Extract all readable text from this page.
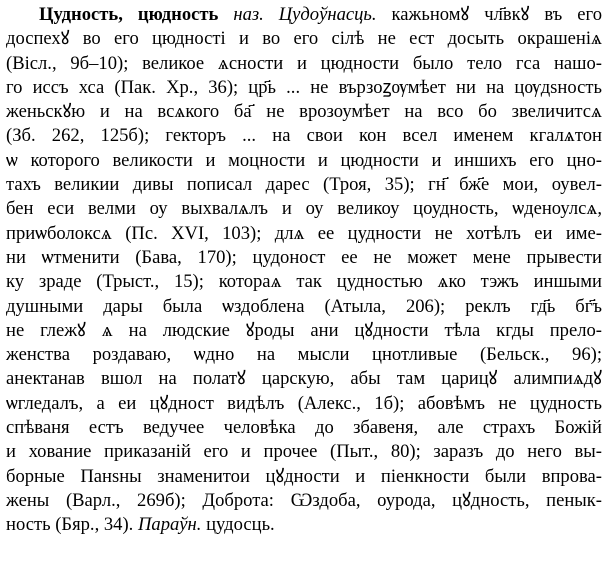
Цудность, цюдность наз. Цудоўнасць. кажьномꙋ чл҃вкꙋ въ его
доспехꙋ во его цюдності и во его сілѣ не ест досыть окрашеніѧ
(Вісл., 9б–10); великое ѧсности и цюдности было тело гса нашо-
го иссъ хса (Пак. Хр., 36); цр҃ь ... не вързоꙁѹмѣет ни на цѹдѕность
женьскꙋю и на всѧкого ба҃ не врозоумѣет на всо бо звеличитсѧ
(Зб. 262, 125б); гекторъ ... на свои кон всел именем кгалѧтон
ѡ которого великости и моцности и цюдности и иншихъ его цно-
тахъ великии дивы пописал дарес (Троя, 35); гн҃ бж҃е мои, оувел-
бен еси велми оу выхвалѧлъ и оу великоу цоудность, ѡденоулсѧ,
приѡболоксѧ (Пс. XVI, 103); длѧ ее цудности не хотѣлъ еи име-
ни ѡтменити (Бава, 170); цудоност ее не может мене прывести
ку зраде (Трыст., 15); котораѧ так цудностью ѧко тэжъ иншыми
душными дары была ѡздоблена (Атыла, 206); реклъ гд҃ь бг҃ъ
не глежꙋ ѧ на людские ꙋроды ани цꙋдности тѣла кгды прело-
женства роздаваю, ѡдно на мысли цнотливые (Бельск., 96);
анектанав вшол на полатꙋ царскую, абы там царицꙋ алимпиѧдꙋ
ѡгледалъ, а еи цꙋдност видѣлъ (Алекс., 1б); абовѣмъ не цудность
спѣваня естъ ведучее человѣка до збавеня, але страхъ Божій
и хование приказаній его и прочее (Пыт., 80); заразъ до него вы-
борные Панѕны знаменитои цꙋдности и піенкности были впрова-
жены (Варл., 269б); Доброта: Ѡздоба, оурода, цꙋдность, пенык-
ность (Бяр., 34). Параўн. цудосць.
